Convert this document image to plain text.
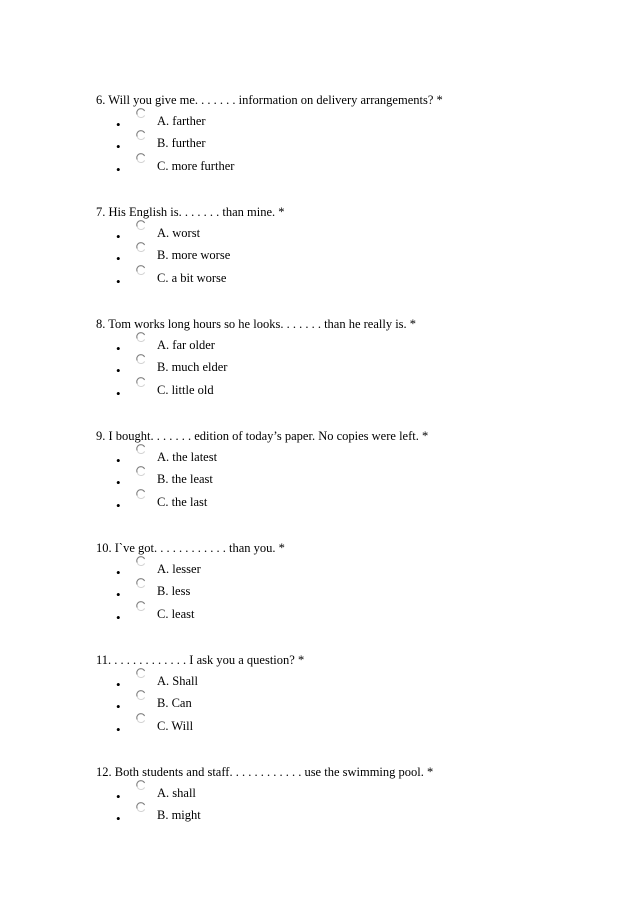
6. Will you give me. . . . . . . information on delivery arrangements? *
•	A. farther
•	B. further
•	C. more further
7. His English is. . . . . . . than mine. *
•	A. worst
•	B. more worse
•	C. a bit worse
8. Tom works long hours so he looks. . . . . . . than he really is. *
•	A. far older
•	B. much elder
•	C. little old
9. I bought. . . . . . . edition of today’s paper. No copies were left. *
•	A. the latest
•	B. the least
•	C. the last
10. I`ve got. . . . . . . . . . . . than you. *
•	A. lesser
•	B. less
•	C. least
11. . . . . . . . . . . . . I ask you a question? *
•	A. Shall
•	B. Can
•	C. Will
12. Both students and staff. . . . . . . . . . . . use the swimming pool. *
•	A. shall
•	B. might
